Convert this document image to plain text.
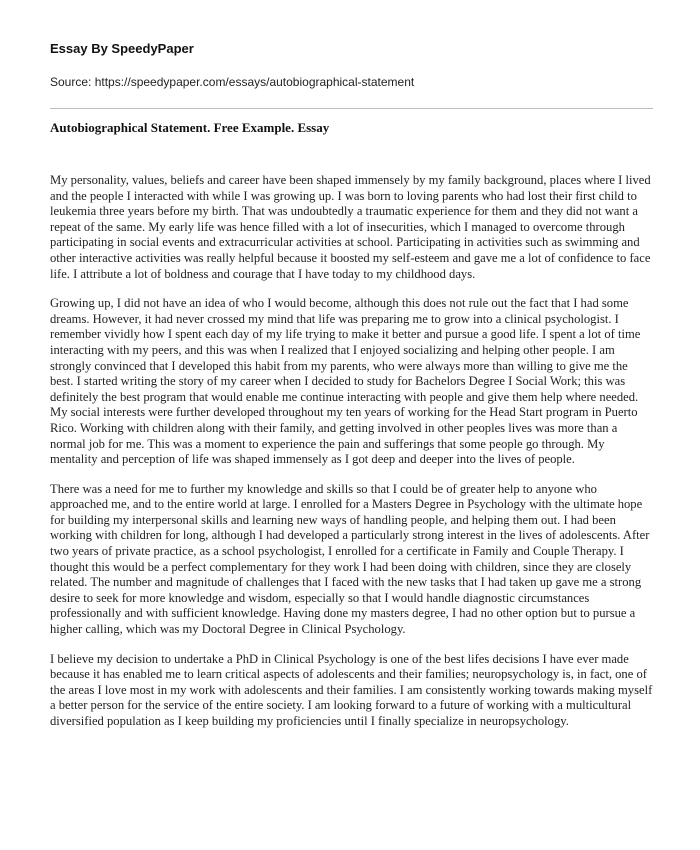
Essay By SpeedyPaper
Source: https://speedypaper.com/essays/autobiographical-statement
Autobiographical Statement. Free Example. Essay

My personality, values, beliefs and career have been shaped immensely by my family background, places where I lived and the people I interacted with while I was growing up. I was born to loving parents who had lost their first child to leukemia three years before my birth. That was undoubtedly a traumatic experience for them and they did not want a repeat of the same. My early life was hence filled with a lot of insecurities, which I managed to overcome through participating in social events and extracurricular activities at school. Participating in activities such as swimming and other interactive activities was really helpful because it boosted my self-esteem and gave me a lot of confidence to face life. I attribute a lot of boldness and courage that I have today to my childhood days.

Growing up, I did not have an idea of who I would become, although this does not rule out the fact that I had some dreams. However, it had never crossed my mind that life was preparing me to grow into a clinical psychologist. I remember vividly how I spent each day of my life trying to make it better and pursue a good life. I spent a lot of time interacting with my peers, and this was when I realized that I enjoyed socializing and helping other people. I am strongly convinced that I developed this habit from my parents, who were always more than willing to give me the best. I started writing the story of my career when I decided to study for Bachelors Degree I Social Work; this was definitely the best program that would enable me continue interacting with people and give them help where needed. My social interests were further developed throughout my ten years of working for the Head Start program in Puerto Rico. Working with children along with their family, and getting involved in other peoples lives was more than a normal job for me. This was a moment to experience the pain and sufferings that some people go through. My mentality and perception of life was shaped immensely as I got deep and deeper into the lives of people.

There was a need for me to further my knowledge and skills so that I could be of greater help to anyone who approached me, and to the entire world at large. I enrolled for a Masters Degree in Psychology with the ultimate hope for building my interpersonal skills and learning new ways of handling people, and helping them out. I had been working with children for long, although I had developed a particularly strong interest in the lives of adolescents. After two years of private practice, as a school psychologist, I enrolled for a certificate in Family and Couple Therapy. I thought this would be a perfect complementary for they work I had been doing with children, since they are closely related. The number and magnitude of challenges that I faced with the new tasks that I had taken up gave me a strong desire to seek for more knowledge and wisdom, especially so that I would handle diagnostic circumstances professionally and with sufficient knowledge. Having done my masters degree, I had no other option but to pursue a higher calling, which was my Doctoral Degree in Clinical Psychology.

I believe my decision to undertake a PhD in Clinical Psychology is one of the best lifes decisions I have ever made because it has enabled me to learn critical aspects of adolescents and their families; neuropsychology is, in fact, one of the areas I love most in my work with adolescents and their families. I am consistently working towards making myself a better person for the service of the entire society. I am looking forward to a future of working with a multicultural diversified population as I keep building my proficiencies until I finally specialize in neuropsychology.
